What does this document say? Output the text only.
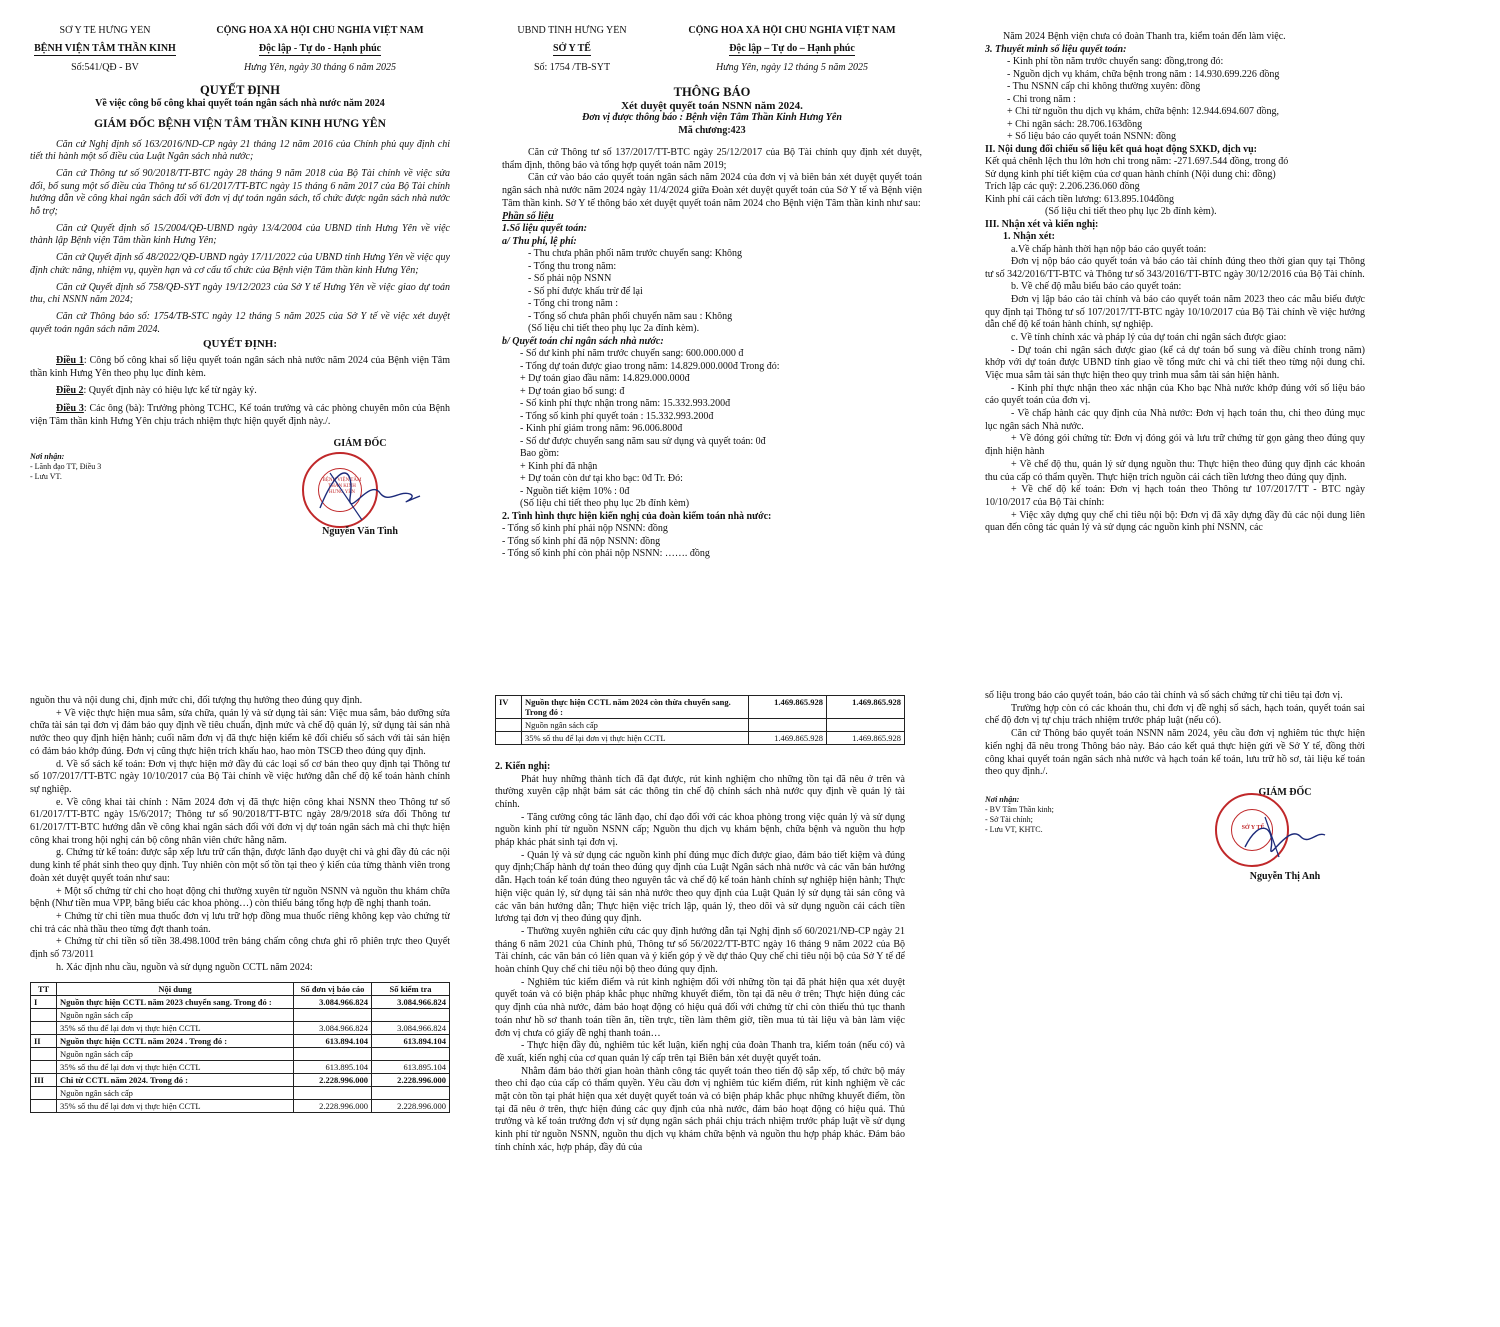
SỞ Y TẾ HƯNG YÊN
BỆNH VIỆN TÂM THẦN KINH
CỘNG HÒA XÃ HỘI CHỦ NGHĨA VIỆT NAM
Độc lập - Tự do - Hạnh phúc
Số:541/QĐ - BV	Hưng Yên, ngày 30 tháng 6 năm 2025
QUYẾT ĐỊNH
Về việc công bố công khai quyết toán ngân sách nhà nước năm 2024
GIÁM ĐỐC BỆNH VIỆN TÂM THẦN KINH HƯNG YÊN

Căn cứ Nghị định số 163/2016/ND-CP ngày 21 tháng 12 năm 2016 của Chính phủ quy định chi tiết thi hành một số điều của Luật Ngân sách nhà nước;

Căn cứ Thông tư số 90/2018/TT-BTC ngày 28 tháng 9 năm 2018 của Bộ Tài chính về việc sửa đổi, bổ sung một số điều của Thông tư số 61/2017/TT-BTC ngày 15 tháng 6 năm 2017 của Bộ Tài chính hướng dẫn về công khai ngân sách đối với đơn vị dự toán ngân sách, tổ chức được ngân sách nhà nước hỗ trợ;

Căn cứ Quyết định số 15/2004/QĐ-UBND ngày 13/4/2004 của UBND tỉnh Hưng Yên về việc thành lập Bệnh viện Tâm thần kinh Hưng Yên;

Căn cứ Quyết định số 48/2022/QĐ-UBND ngày 17/11/2022 của UBND tỉnh Hưng Yên về việc quy định chức năng, nhiệm vụ, quyền hạn và cơ cấu tổ chức của Bệnh viện Tâm thần kinh Hưng Yên;

Căn cứ Quyết định số 758/QĐ-SYT ngày 19/12/2023 của Sở Y tế Hưng Yên về việc giao dự toán thu, chi NSNN năm 2024;

Căn cứ Thông báo số: 1754/TB-STC ngày 12 tháng 5 năm 2025 của Sở Y tế về việc xét duyệt quyết toán ngân sách năm 2024.

QUYẾT ĐỊNH:

Điều 1: Công bố công khai số liệu quyết toán ngân sách nhà nước năm 2024 của Bệnh viện Tâm thần kinh Hưng Yên theo phụ lục đính kèm.

Điều 2: Quyết định này có hiệu lực kể từ ngày ký.

Điều 3: Các ông (bà): Trưởng phòng TCHC, Kế toán trưởng và các phòng chuyên môn của Bệnh viện Tâm thần kinh Hưng Yên chịu trách nhiệm thực hiện quyết định này./.

Nơi nhận:
- Lãnh đạo TT, Điều 3
- Lưu VT.
GIÁM ĐỐC
BỆNH VIỆN TÂM THẦN KINH HƯNG YÊN
Nguyễn Văn Tình
UBND TỈNH HƯNG YÊN
SỞ Y TẾ
CỘNG HÒA XÃ HỘI CHỦ NGHĨA VIỆT NAM
Độc lập – Tự do – Hạnh phúc
Số: 1754 /TB-SYT	Hưng Yên, ngày 12 tháng 5 năm 2025
THÔNG BÁO
Xét duyệt quyết toán NSNN năm 2024.
Đơn vị được thông báo : Bệnh viện Tâm Thần Kinh Hưng Yên
Mã chương:423

Căn cứ Thông tư số 137/2017/TT-BTC ngày 25/12/2017 của Bộ Tài chính quy định xét duyệt, thẩm định, thông báo và tổng hợp quyết toán năm 2019;

Căn cứ vào báo cáo quyết toán ngân sách năm 2024 của đơn vị và biên bản xét duyệt quyết toán ngân sách nhà nước năm 2024 ngày 11/4/2024 giữa Đoàn xét duyệt quyết toán của Sở Y tế và Bệnh viện Tâm thần kinh. Sở Y tế thông báo xét duyệt quyết toán năm 2024 cho Bệnh viện Tâm thần kinh như sau:

Phần số liệu
1.Số liệu quyết toán:
a/ Thu phí, lệ phí:
- Thu chưa phân phối năm trước chuyển sang: Không
- Tổng thu trong năm:
- Số phải nộp NSNN
- Số phí được khấu trừ để lại
- Tổng chi trong năm :
- Tổng số chưa phân phối chuyển năm sau : Không
(Số liệu chi tiết theo phụ lục 2a đính kèm).
b/ Quyết toán chi ngân sách nhà nước:
- Số dư kinh phí năm trước chuyển sang: 600.000.000 đ
- Tổng dự toán được giao trong năm: 14.829.000.000đ Trong đó:
+ Dự toán giao đầu năm: 14.829.000.000đ
+ Dự toán giao bổ sung: đ
- Số kinh phí thực nhận trong năm: 15.332.993.200đ
- Tổng số kinh phí quyết toán : 15.332.993.200đ
- Kinh phí giảm trong năm: 96.006.800đ
- Số dư được chuyển sang năm sau sử dụng và quyết toán: 0đ
Bao gồm:
+ Kinh phí đã nhận
+ Dự toán còn dư tại kho bạc: 0đ Tr. Đó:
- Nguồn tiết kiệm 10% : 0đ
(Số liệu chi tiết theo phụ lục 2b đính kèm)
2. Tình hình thực hiện kiến nghị của đoàn kiểm toán nhà nước:
- Tổng số kinh phí phải nộp NSNN: đồng
- Tổng số kinh phí đã nộp NSNN: đồng
- Tổng số kinh phí còn phải nộp NSNN: ……. đồng
Năm 2024 Bệnh viện chưa có đoàn Thanh tra, kiểm toán đến làm việc.
3. Thuyết minh số liệu quyết toán:
- Kinh phí tồn năm trước chuyển sang: đồng,trong đó:
- Nguồn dịch vụ khám, chữa bệnh trong năm : 14.930.699.226 đồng
- Thu NSNN cấp chi không thường xuyên: đồng
- Chi trong năm :
+ Chi từ nguồn thu dịch vụ khám, chữa bệnh: 12.944.694.607 đồng,
+ Chi ngân sách: 28.706.163đồng
+ Số liệu báo cáo quyết toán NSNN: đồng
II. Nội dung đối chiếu số liệu kết quả hoạt động SXKD, dịch vụ:
Kết quả chênh lệch thu lớn hơn chi trong năm: -271.697.544 đồng, trong đó
Sử dụng kinh phí tiết kiệm của cơ quan hành chính (Nội dung chi: đồng)
Trích lập các quỹ: 2.206.236.060 đồng
Kinh phí cải cách tiền lương: 613.895.104đồng
(Số liệu chi tiết theo phụ lục 2b đính kèm).
III. Nhận xét và kiến nghị:
1. Nhận xét:
a.Về chấp hành thời hạn nộp báo cáo quyết toán:

Đơn vị nộp báo cáo quyết toán và báo cáo tài chính đúng theo thời gian quy tại Thông tư số 342/2016/TT-BTC và Thông tư số 343/2016/TT-BTC ngày 30/12/2016 của Bộ Tài chính.

b. Về chế độ mẫu biểu báo cáo quyết toán:

Đơn vị lập báo cáo tài chính và báo cáo quyết toán năm 2023 theo các mẫu biểu được quy định tại Thông tư số 107/2017/TT-BTC ngày 10/10/2017 của Bộ Tài chính về việc hướng dẫn chế độ kế toán hành chính, sự nghiệp.

c. Về tính chính xác và pháp lý của dự toán chi ngân sách được giao:

- Dự toán chi ngân sách được giao (kể cả dự toán bổ sung và điều chỉnh trong năm) khớp với dự toán được UBND tỉnh giao về tổng mức chi và chi tiết theo từng nội dung chi. Việc mua sắm tài sản thực hiện theo quy trình mua sắm tài sản hiện hành.

- Kinh phí thực nhận theo xác nhận của Kho bạc Nhà nước khớp đúng với số liệu báo cáo quyết toán của đơn vị.

- Về chấp hành các quy định của Nhà nước: Đơn vị hạch toán thu, chi theo đúng mục lục ngân sách Nhà nước.

+ Về đóng gói chứng từ: Đơn vị đóng gói và lưu trữ chứng từ gọn gàng theo đúng quy định hiện hành

+ Về chế độ thu, quản lý sử dụng nguồn thu: Thực hiện theo đúng quy định các khoản thu của cấp có thẩm quyền. Thực hiện trích nguồn cải cách tiền lương theo đúng quy định.

+ Về chế độ kế toán: Đơn vị hạch toán theo Thông tư 107/2017/TT - BTC ngày 10/10/2017 của Bộ Tài chính:

+ Việc xây dựng quy chế chi tiêu nội bộ: Đơn vị đã xây dựng đầy đủ các nội dung liên quan đến công tác quản lý và sử dụng các nguồn kinh phí NSNN, các

nguồn thu và nội dung chi, định mức chi, đối tượng thụ hưởng theo đúng quy định.

+ Về việc thực hiện mua sắm, sửa chữa, quản lý và sử dụng tài sản: Việc mua sắm, bảo dưỡng sửa chữa tài sản tại đơn vị đảm bảo quy định về tiêu chuẩn, định mức và chế độ quản lý, sử dụng tài sản nhà nước theo quy định hiện hành; cuối năm đơn vị đã thực hiện kiểm kê đối chiếu số sách với tài sản hiện có đảm bảo khớp đúng. Đơn vị cũng thực hiện trích khấu hao, hao mòn TSCĐ theo đúng quy định.

d. Về số sách kế toán: Đơn vị thực hiện mở đầy đủ các loại sổ cơ bản theo quy định tại Thông tư số 107/2017/TT-BTC ngày 10/10/2017 của Bộ Tài chính về việc hướng dẫn chế độ kế toán hành chính sự nghiệp.

e. Về công khai tài chính : Năm 2024 đơn vị đã thực hiện công khai NSNN theo Thông tư số 61/2017/TT-BTC ngày 15/6/2017; Thông tư số 90/2018/TT-BTC ngày 28/9/2018 sửa đổi Thông tư 61/2017/TT-BTC hướng dẫn về công khai ngân sách đối với đơn vị dự toán ngân sách mà chi thực hiện công khai trong hội nghị cán bộ công nhân viên chức hằng năm.

g. Chứng từ kế toán: được sắp xếp lưu trữ cẩn thận, được lãnh đạo duyệt chi và ghi đầy đủ các nội dung kinh tế phát sinh theo quy định. Tuy nhiên còn một số tồn tại theo ý kiến của từng thành viên trong đoàn xét duyệt quyết toán như sau:

+ Một số chứng từ chi cho hoạt động chi thường xuyên từ nguồn NSNN và nguồn thu khám chữa bệnh (Như tiền mua VPP, băng biểu các khoa phòng…) còn thiếu bảng tổng hợp đề nghị thanh toán.

+ Chứng từ chi tiền mua thuốc đơn vị lưu trữ hợp đồng mua thuốc riêng không kẹp vào chứng từ chi trả các nhà thầu theo từng đợt thanh toán.

+ Chứng từ chi tiền số tiền 38.498.100đ trên bảng chấm công chưa ghi rõ phiên trực theo Quyết định số 73/2011

h. Xác định nhu cầu, nguồn và sử dụng nguồn CCTL năm 2024:

TT	Nội dung	Số đơn vị báo cáo	Số kiểm tra
I	Nguồn thực hiện CCTL năm 2023 chuyển sang. Trong đó :	3.084.966.824	3.084.966.824
	Nguồn ngân sách cấp		
	35% số thu để lại đơn vị thực hiện CCTL	3.084.966.824	3.084.966.824
II	Nguồn thực hiện CCTL năm 2024 . Trong đó :	613.894.104	613.894.104
	Nguồn ngân sách cấp		
	35% số thu để lại đơn vị thực hiện CCTL	613.895.104	613.895.104
III	Chi từ CCTL năm 2024. Trong đó :	2.228.996.000	2.228.996.000
	Nguồn ngân sách cấp		
	35% số thu để lại đơn vị thực hiện CCTL	2.228.996.000	2.228.996.000
IV	Nguồn thực hiện CCTL năm 2024 còn thừa chuyển sang. Trong đó :	1.469.865.928	1.469.865.928
	Nguồn ngân sách cấp		
	35% số thu để lại đơn vị thực hiện CCTL	1.469.865.928	1.469.865.928
2. Kiến nghị:

Phát huy những thành tích đã đạt được, rút kinh nghiệm cho những tồn tại đã nêu ở trên và thường xuyên cập nhật bám sát các thông tin chế độ chính sách nhà nước quy định về quản lý tài chính.

- Tăng cường công tác lãnh đạo, chỉ đạo đối với các khoa phòng trong việc quản lý và sử dụng nguồn kinh phí từ nguồn NSNN cấp; Nguồn thu dịch vụ khám bệnh, chữa bệnh và nguồn thu hợp pháp khác phát sinh tại đơn vị.

- Quản lý và sử dụng các nguồn kinh phí đúng mục đích được giao, đảm bảo tiết kiệm và đúng quy định;Chấp hành dự toán theo đúng quy định của Luật Ngân sách nhà nước và các văn bản hướng dẫn. Hạch toán kế toán đúng theo nguyên tắc và chế độ kế toán hành chính sự nghiệp hiện hành; Thực hiện việc quản lý, sử dụng tài sản nhà nước theo quy định của Luật Quản lý sử dụng tài sản công và các văn bản hướng dẫn; Thực hiện việc trích lập, quản lý, theo dõi và sử dụng nguồn cải cách tiền lương tại đơn vị theo đúng quy định.

- Thường xuyên nghiên cứu các quy định hướng dẫn tại Nghị định số 60/2021/NĐ-CP ngày 21 tháng 6 năm 2021 của Chính phủ, Thông tư số 56/2022/TT-BTC ngày 16 tháng 9 năm 2022 của Bộ Tài chính, các văn bản có liên quan và ý kiến góp ý về dự thảo Quy chế chi tiêu nội bộ của Sở Y tế để hoàn chỉnh Quy chế chi tiêu nội bộ theo đúng quy định.

- Nghiêm túc kiểm điểm và rút kinh nghiệm đối với những tồn tại đã phát hiện qua xét duyệt quyết toán và có biện pháp khắc phục những khuyết điểm, tồn tại đã nêu ở trên; Thực hiện đúng các quy định của nhà nước, đảm bảo hoạt động có hiệu quả đối với chứng từ chi còn thiếu thủ tục thanh toán như hồ sơ thanh toán tiền ăn, tiền trực, tiền làm thêm giờ, tiền mua tủ tài liệu và bàn làm việc đơn vị chưa có giấy đề nghị thanh toán…

- Thực hiện đầy đủ, nghiêm túc kết luận, kiến nghị của đoàn Thanh tra, kiểm toán (nếu có) và đề xuất, kiến nghị của cơ quan quản lý cấp trên tại Biên bản xét duyệt quyết toán.

Nhằm đảm bảo thời gian hoàn thành công tác quyết toán theo tiến độ sắp xếp, tổ chức bộ máy theo chỉ đạo của cấp có thẩm quyền. Yêu cầu đơn vị nghiêm túc kiểm điểm, rút kinh nghiệm về các mặt còn tồn tại phát hiện qua xét duyệt quyết toán và có biện pháp khắc phục những khuyết điểm, tồn tại đã nêu ở trên, thực hiện đúng các quy định của nhà nước, đảm bảo hoạt động có hiệu quả. Thủ trưởng và kế toán trưởng đơn vị sử dụng ngân sách phải chịu trách nhiệm trước pháp luật về sử dụng kinh phí từ nguồn NSNN, nguồn thu dịch vụ khám chữa bệnh và nguồn thu hợp pháp khác. Đảm bảo tính chính xác, hợp pháp, đầy đủ của

số liệu trong báo cáo quyết toán, báo cáo tài chính và số sách chứng từ chi tiêu tại đơn vị.

Trường hợp còn có các khoản thu, chi đơn vị đề nghị số sách, hạch toán, quyết toán sai chế độ đơn vị tự chịu trách nhiệm trước pháp luật (nếu có).

Căn cứ Thông báo quyết toán NSNN năm 2024, yêu cầu đơn vị nghiêm túc thực hiện kiến nghị đã nêu trong Thông báo này. Báo cáo kết quả thực hiện gửi về Sở Y tế, đồng thời công khai quyết toán ngân sách nhà nước và hạch toán kế toán, lưu trữ hồ sơ, tài liệu kế toán theo quy định./.

Nơi nhận:
- BV Tâm Thần kinh;
- Sở Tài chính;
- Lưu VT, KHTC.
GIÁM ĐỐC
SỞ Y TẾ
Nguyễn Thị Anh
